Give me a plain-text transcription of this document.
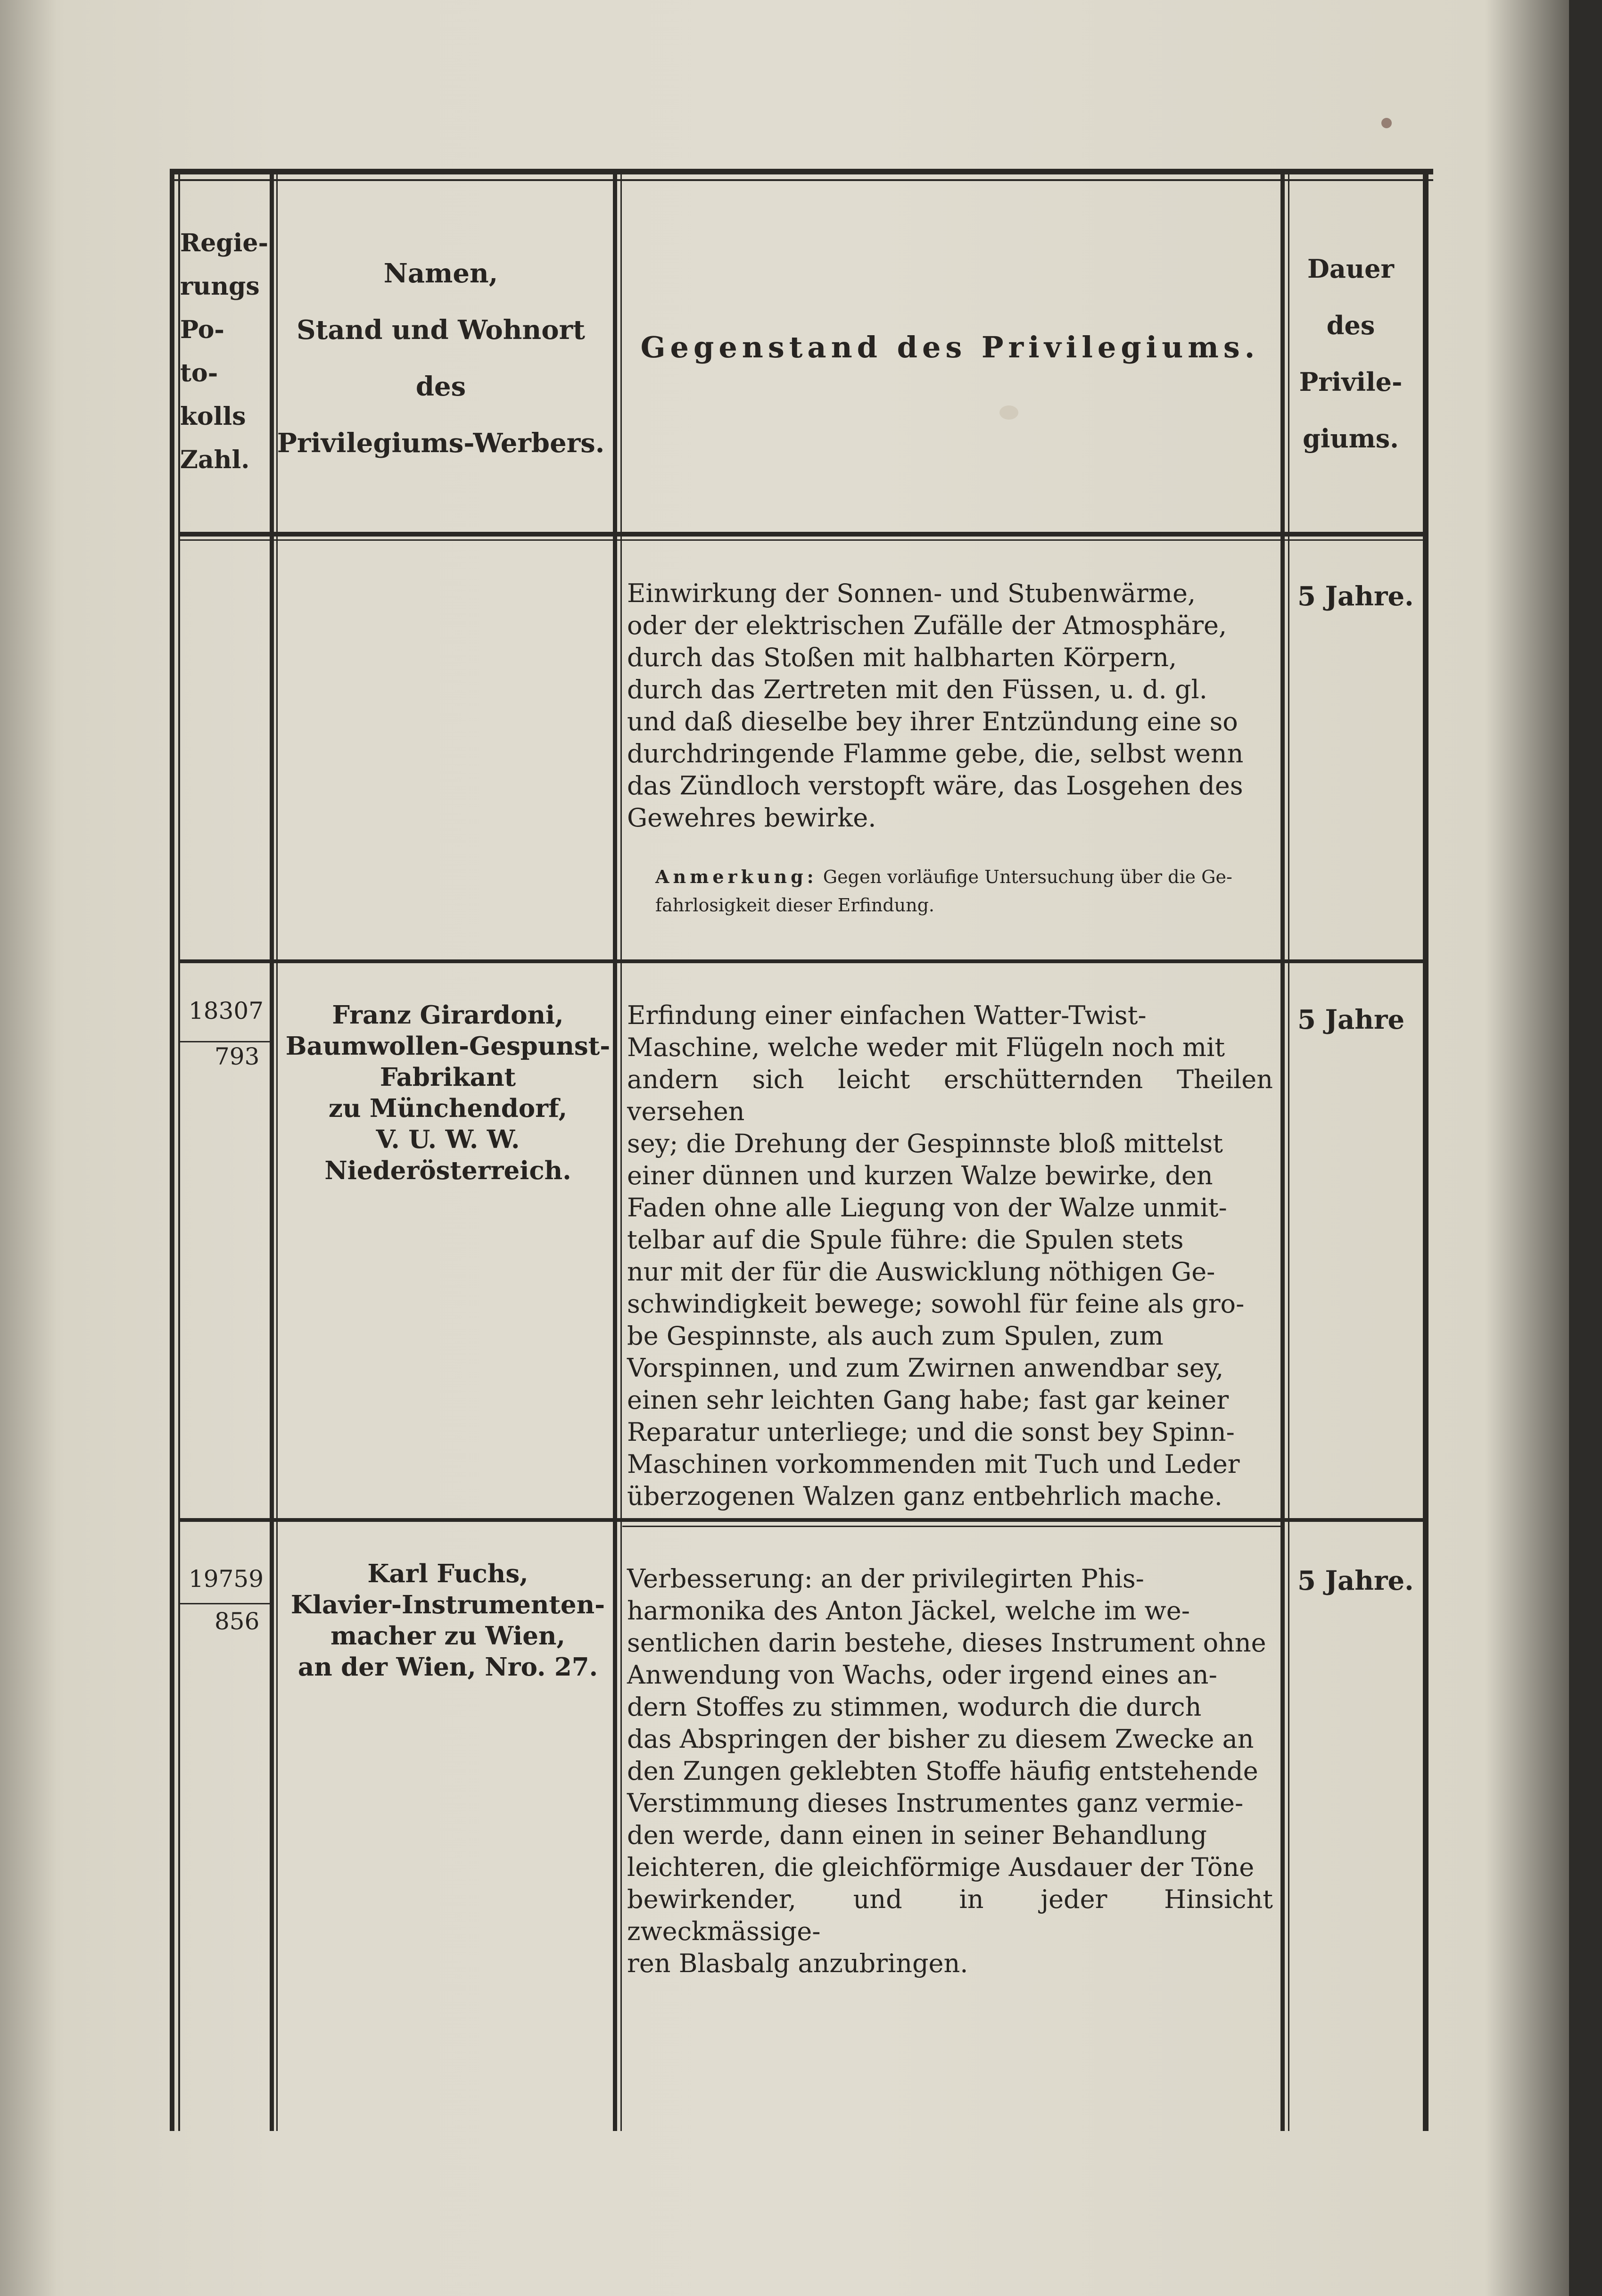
Regie-
rungs
Po-
to-
kolls
Zahl.
Namen,
Stand und Wohnort
des
Privilegiums-Werbers.
Gegenstand des Privilegiums.
Dauer
des
Privile-
giums.
Einwirkung der Sonnen- und Stubenwärme,
oder der elektrischen Zufälle der Atmosphäre,
durch das Stoßen mit halbharten Körpern,
durch das Zertreten mit den Füssen, u. d. gl.
und daß dieselbe bey ihrer Entzündung eine so
durchdringende Flamme gebe, die, selbst wenn
das Zündloch verstopft wäre, das Losgehen des
Gewehres bewirke.
Anmerkung: Gegen vorläufige Untersuchung über die Ge-
fahrlosigkeit dieser Erfindung.
5 Jahre.
18307
793
Franz Girardoni,
Baumwollen-Gespunst-
Fabrikant
zu Münchendorf,
V. U. W. W.
Niederösterreich.
Erfindung einer einfachen Watter-Twist-
Maschine, welche weder mit Flügeln noch mit
andern sich leicht erschütternden Theilen versehen
sey; die Drehung der Gespinnste bloß mittelst
einer dünnen und kurzen Walze bewirke, den
Faden ohne alle Liegung von der Walze unmit-
telbar auf die Spule führe: die Spulen stets
nur mit der für die Auswicklung nöthigen Ge-
schwindigkeit bewege; sowohl für feine als gro-
be Gespinnste, als auch zum Spulen, zum
Vorspinnen, und zum Zwirnen anwendbar sey,
einen sehr leichten Gang habe; fast gar keiner
Reparatur unterliege; und die sonst bey Spinn-
Maschinen vorkommenden mit Tuch und Leder
überzogenen Walzen ganz entbehrlich mache.
5 Jahre
19759
856
Karl Fuchs,
Klavier-Instrumenten-
macher zu Wien,
an der Wien, Nro. 27.
Verbesserung: an der privilegirten Phis-
harmonika des Anton Jäckel, welche im we-
sentlichen darin bestehe, dieses Instrument ohne
Anwendung von Wachs, oder irgend eines an-
dern Stoffes zu stimmen, wodurch die durch
das Abspringen der bisher zu diesem Zwecke an
den Zungen geklebten Stoffe häufig entstehende
Verstimmung dieses Instrumentes ganz vermie-
den werde, dann einen in seiner Behandlung
leichteren, die gleichförmige Ausdauer der Töne
bewirkender, und in jeder Hinsicht zweckmässige-
ren Blasbalg anzubringen.
5 Jahre.
